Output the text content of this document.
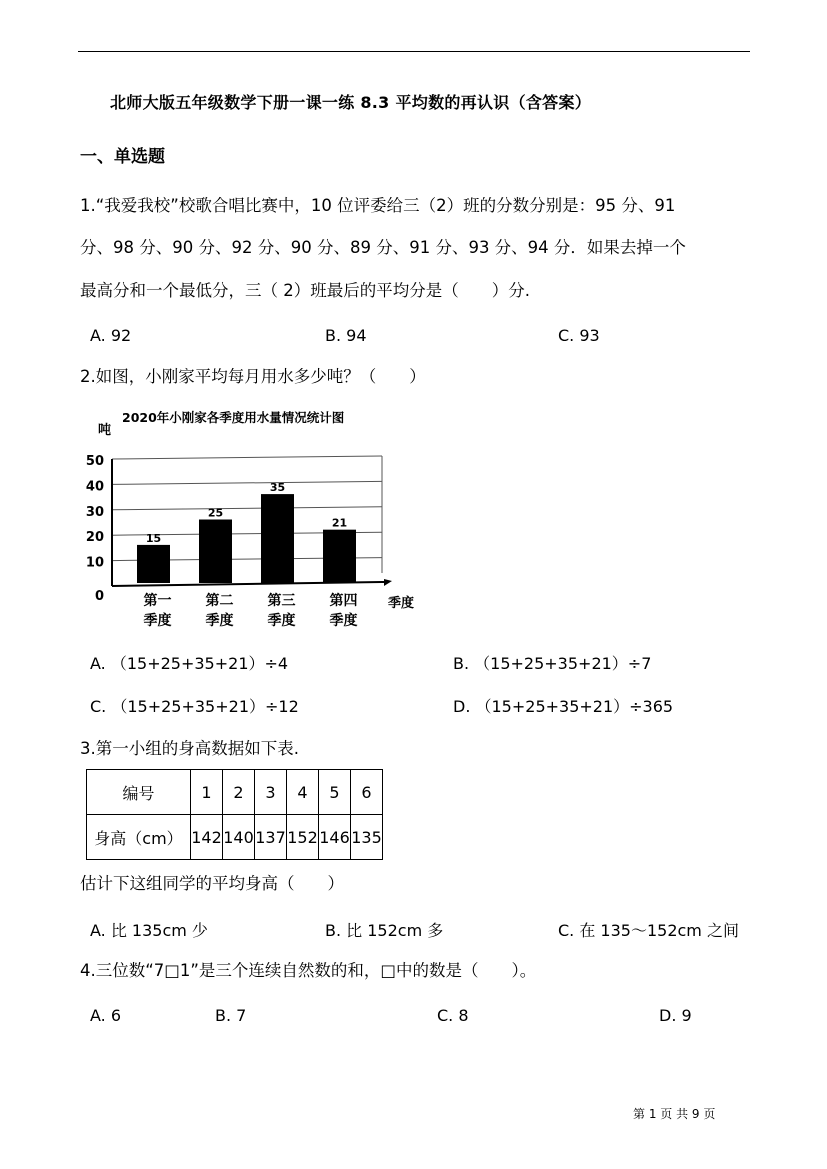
北师大版五年级数学下册一课一练 8.3 平均数的再认识（含答案）
一、单选题
1.“我爱我校”校歌合唱比赛中，10 位评委给三（2）班的分数分别是：95 分、91
分、98 分、90 分、92 分、90 分、89 分、91 分、93 分、94 分．如果去掉一个
最高分和一个最低分，三（ 2）班最后的平均分是（　　）分.
A. 92	B. 94	C. 93
2.如图，小刚家平均每月用水多少吨？（　　）
2020年小刚家各季度用水量情况统计图
吨
15
25
35
21
0
10
20
30
40
50
第一
季度
第二
季度
第三
季度
第四
季度
季度
A. （15+25+35+21）÷4	B. （15+25+35+21）÷7
C. （15+25+35+21）÷12	D. （15+25+35+21）÷365
3.第一小组的身高数据如下表.
编号	1	2	3	4	5	6
身高（cm）	142	140	137	152	146	135
估计下这组同学的平均身高（　　）
A. 比 135cm 少	B. 比 152cm 多	C. 在 135～152cm 之间
4.三位数“7□1”是三个连续自然数的和，□中的数是（　　）。
A. 6	B. 7	C. 8	D. 9
第 1 页 共 9 页
